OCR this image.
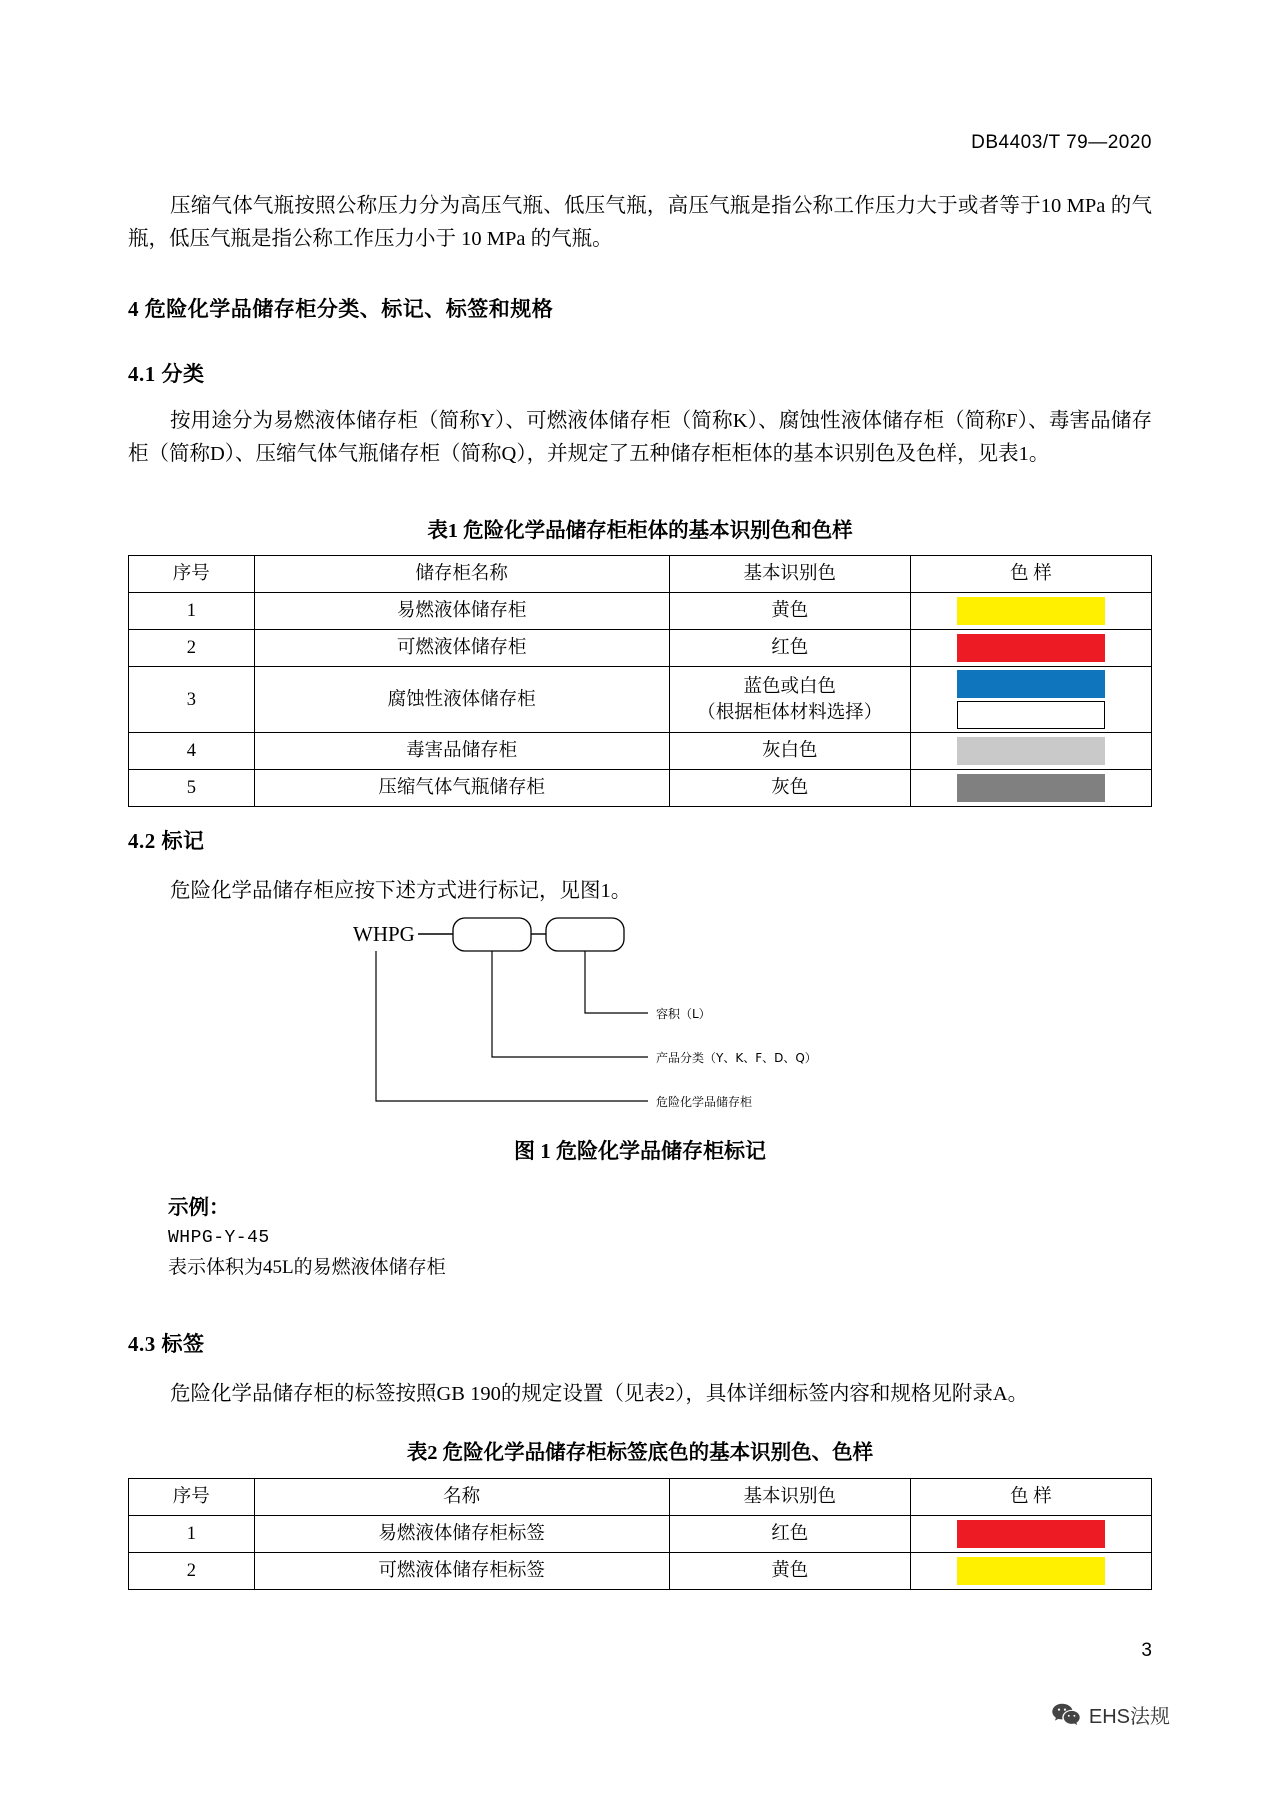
DB4403/T 79—2020

压缩气体气瓶按照公称压力分为高压气瓶、低压气瓶，高压气瓶是指公称工作压力大于或者等于10 MPa 的气瓶，低压气瓶是指公称工作压力小于 10 MPa 的气瓶。

4 危险化学品储存柜分类、标记、标签和规格

4.1 分类

按用途分为易燃液体储存柜（简称Y）、可燃液体储存柜（简称K）、腐蚀性液体储存柜（简称F）、毒害品储存柜（简称D）、压缩气体气瓶储存柜（简称Q），并规定了五种储存柜柜体的基本识别色及色样，见表1。

表1 危险化学品储存柜柜体的基本识别色和色样

序号	储存柜名称	基本识别色	色 样
1	易燃液体储存柜	黄色	

2	可燃液体储存柜	红色	

3	腐蚀性液体储存柜	蓝色或白色
（根据柜体材料选择）	

4	毒害品储存柜	灰白色	

5	压缩气体气瓶储存柜	灰色	

4.2 标记

危险化学品储存柜应按下述方式进行标记，见图1。

WHPG
容积（L）
产品分类（Y、K、F、D、Q）
危险化学品储存柜

图 1 危险化学品储存柜标记

示例：

WHPG-Y-45

表示体积为45L的易燃液体储存柜

4.3 标签

危险化学品储存柜的标签按照GB 190的规定设置（见表2），具体详细标签内容和规格见附录A。

表2 危险化学品储存柜标签底色的基本识别色、色样

序号	名称	基本识别色	色 样
1	易燃液体储存柜标签	红色	

2	可燃液体储存柜标签	黄色	
3
EHS法规
